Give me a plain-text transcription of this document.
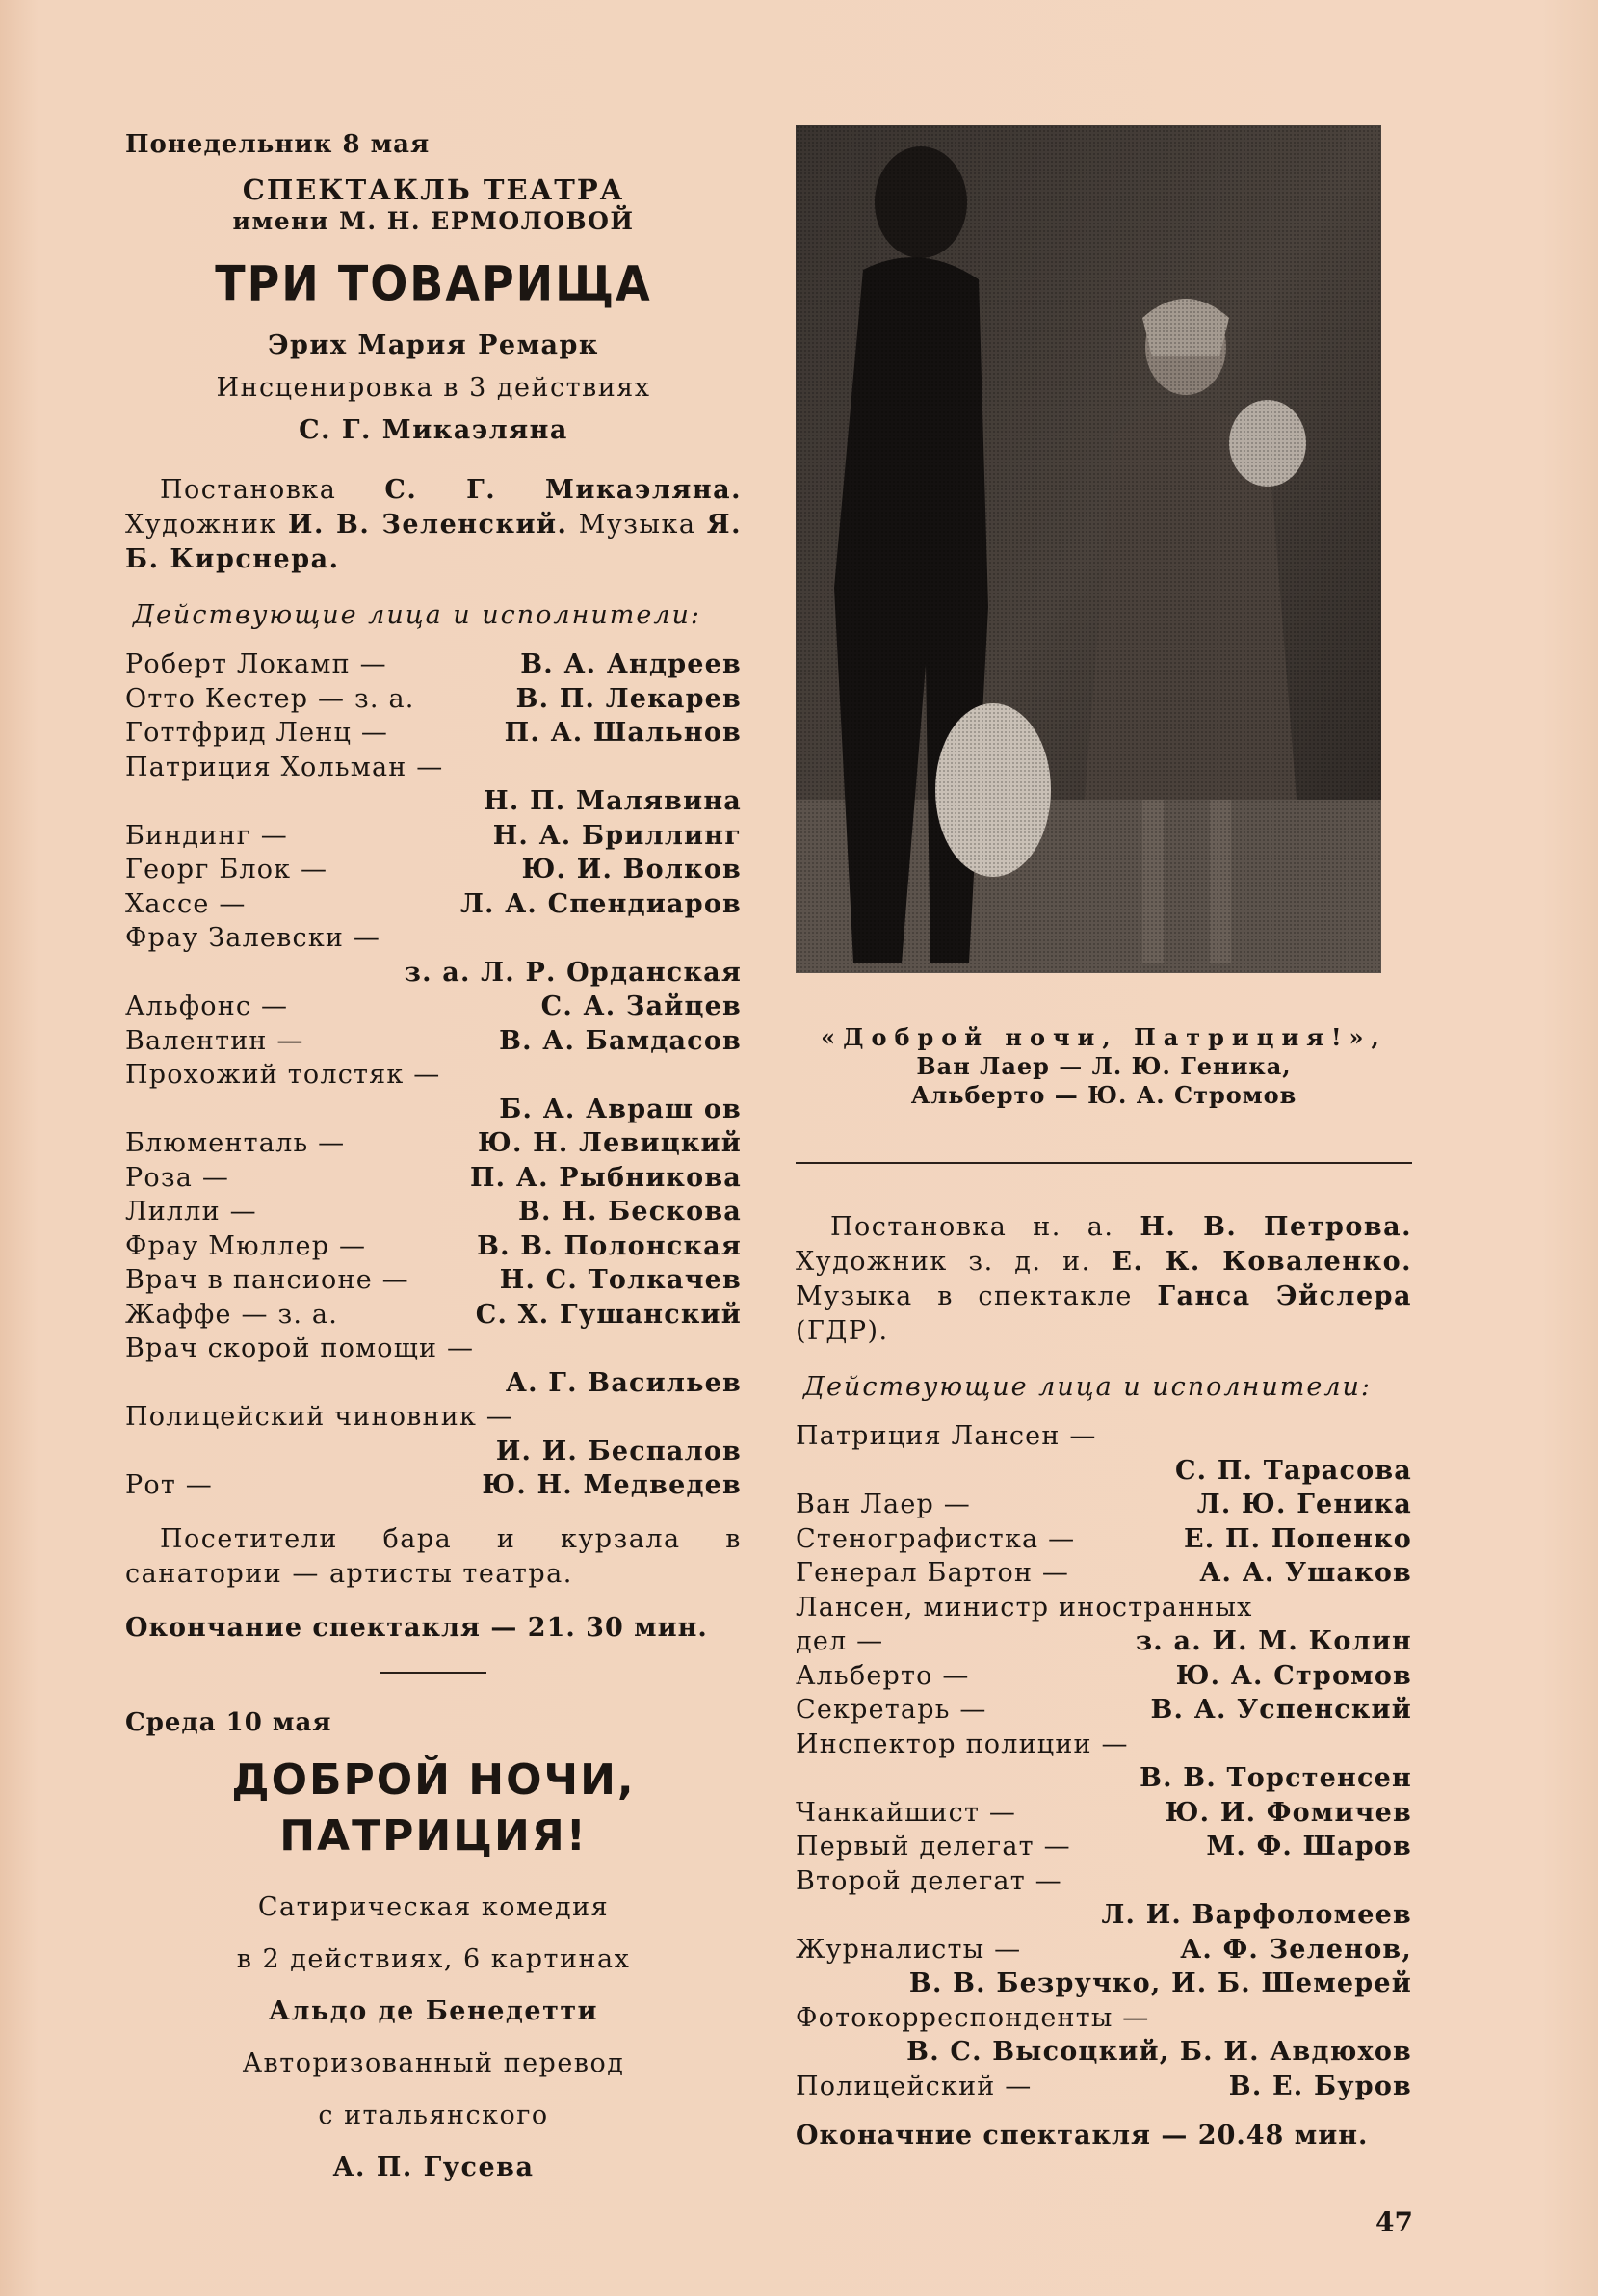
Понедельник 8 мая
СПЕКТАКЛЬ ТЕАТРА
имени М. Н. ЕРМОЛОВОЙ
ТРИ ТОВАРИЩА
Эрих Мария Ремарк
Инсценировка в 3 действиях
С. Г. Микаэляна
Постановка С. Г. Микаэляна. Художник И. В. Зеленский. Музыка Я. Б. Кирснера.
Действующие лица и исполнители:
Роберт Локамп —	В. А. Андреев
Отто Кестер — з. а.	В. П. Лекарев
Готтфрид Ленц —	П. А. Шальнов
Патриция Хольман —
Н. П. Малявина
Биндинг —	Н. А. Бриллинг
Георг Блок —	Ю. И. Волков
Хассе —	Л. А. Спендиаров
Фрау Залевски —
з. а. Л. Р. Орданская
Альфонс —	С. А. Зайцев
Валентин —	В. А. Бамдасов
Прохожий толстяк —
Б. А. Авраш ов
Блюменталь —	Ю. Н. Левицкий
Роза —	П. А. Рыбникова
Лилли —	В. Н. Бескова
Фрау Мюллер —	В. В. Полонская
Врач в пансионе —	Н. С. Толкачев
Жаффе — з. а.	С. Х. Гушанский
Врач скорой помощи —
А. Г. Васильев
Полицейский чиновник —
И. И. Беспалов
Рот —	Ю. Н. Медведев
Посетители бара и курзала в санатории — артисты театра.
Окончание спектакля — 21. 30 мин.
Среда 10 мая
ДОБРОЙ НОЧИ,
ПАТРИЦИЯ!
Сатирическая комедия
в 2 действиях, 6 картинах
Альдо де Бенедетти
Авторизованный перевод
с итальянского
А. П. Гусева
«Доброй ночи, Патриция!»,
Ван Лаер — Л. Ю. Геника,
Альберто — Ю. А. Стромов
Постановка н. а. Н. В. Петрова. Художник з. д. и. Е. К. Коваленко. Музыка в спектакле Ганса Эйслера (ГДР).
Действующие лица и исполнители:
Патриция Лансен —
С. П. Тарасова
Ван Лаер —	Л. Ю. Геника
Стенографистка —	Е. П. Попенко
Генерал Бартон —	А. А. Ушаков
Лансен, министр иностранных
дел —	з. а. И. М. Колин
Альберто —	Ю. А. Стромов
Секретарь —	В. А. Успенский
Инспектор полиции —
В. В. Торстенсен
Чанкайшист —	Ю. И. Фомичев
Первый делегат —	М. Ф. Шаров
Второй делегат —
Л. И. Варфоломеев
Журналисты —	А. Ф. Зеленов,
В. В. Безручко, И. Б. Шемерей
Фотокорреспонденты —
В. С. Высоцкий, Б. И. Авдюхов
Полицейский —	В. Е. Буров
Оконачние спектакля — 20.48 мин.
47
